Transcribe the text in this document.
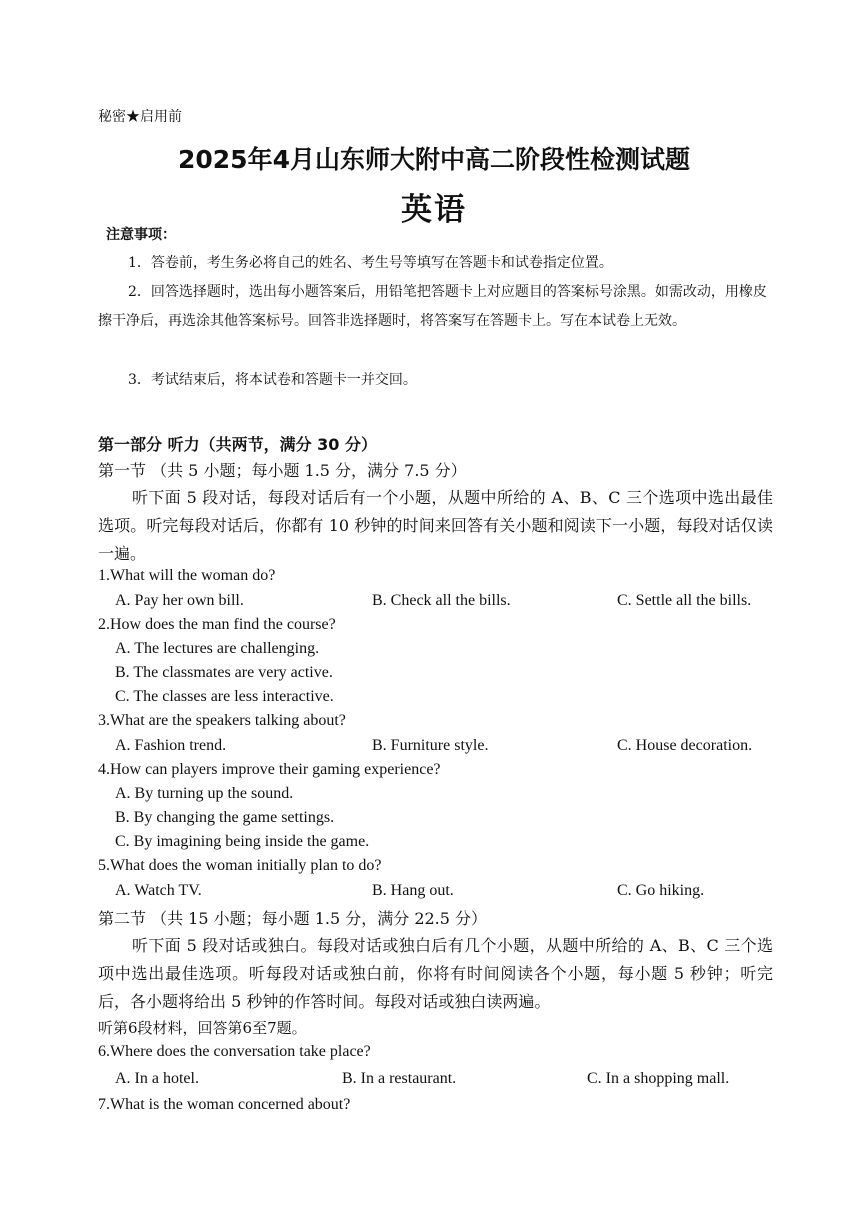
秘密★启用前
2025年4月山东师大附中高二阶段性检测试题
英语
注意事项：
1．答卷前，考生务必将自己的姓名、考生号等填写在答题卡和试卷指定位置。
2．回答选择题时，选出每小题答案后，用铅笔把答题卡上对应题目的答案标号涂黑。如需改动，用橡皮擦干净后，再选涂其他答案标号。回答非选择题时，将答案写在答题卡上。写在本试卷上无效。
3．考试结束后，将本试卷和答题卡一并交回。
第一部分 听力（共两节，满分 30 分）
第一节 （共 5 小题；每小题 1.5 分，满分 7.5 分）
听下面 5 段对话，每段对话后有一个小题，从题中所给的 A、B、C 三个选项中选出最佳选项。听完每段对话后，你都有 10 秒钟的时间来回答有关小题和阅读下一小题，每段对话仅读一遍。
1.What will the woman do?
A. Pay her own bill.	B. Check all the bills.	C. Settle all the bills.
2.How does the man find the course?
A. The lectures are challenging.
B. The classmates are very active.
C. The classes are less interactive.
3.What are the speakers talking about?
A. Fashion trend.	B. Furniture style.	C. House decoration.
4.How can players improve their gaming experience?
A. By turning up the sound.
B. By changing the game settings.
C. By imagining being inside the game.
5.What does the woman initially plan to do?
A. Watch TV.	B. Hang out.	C. Go hiking.
第二节 （共 15 小题；每小题 1.5 分，满分 22.5 分）
听下面 5 段对话或独白。每段对话或独白后有几个小题，从题中所给的 A、B、C 三个选项中选出最佳选项。听每段对话或独白前，你将有时间阅读各个小题，每小题 5 秒钟；听完后，各小题将给出 5 秒钟的作答时间。每段对话或独白读两遍。
听第6段材料，回答第6至7题。
6.Where does the conversation take place?
A. In a hotel.	B. In a restaurant.	C. In a shopping mall.
7.What is the woman concerned about?
